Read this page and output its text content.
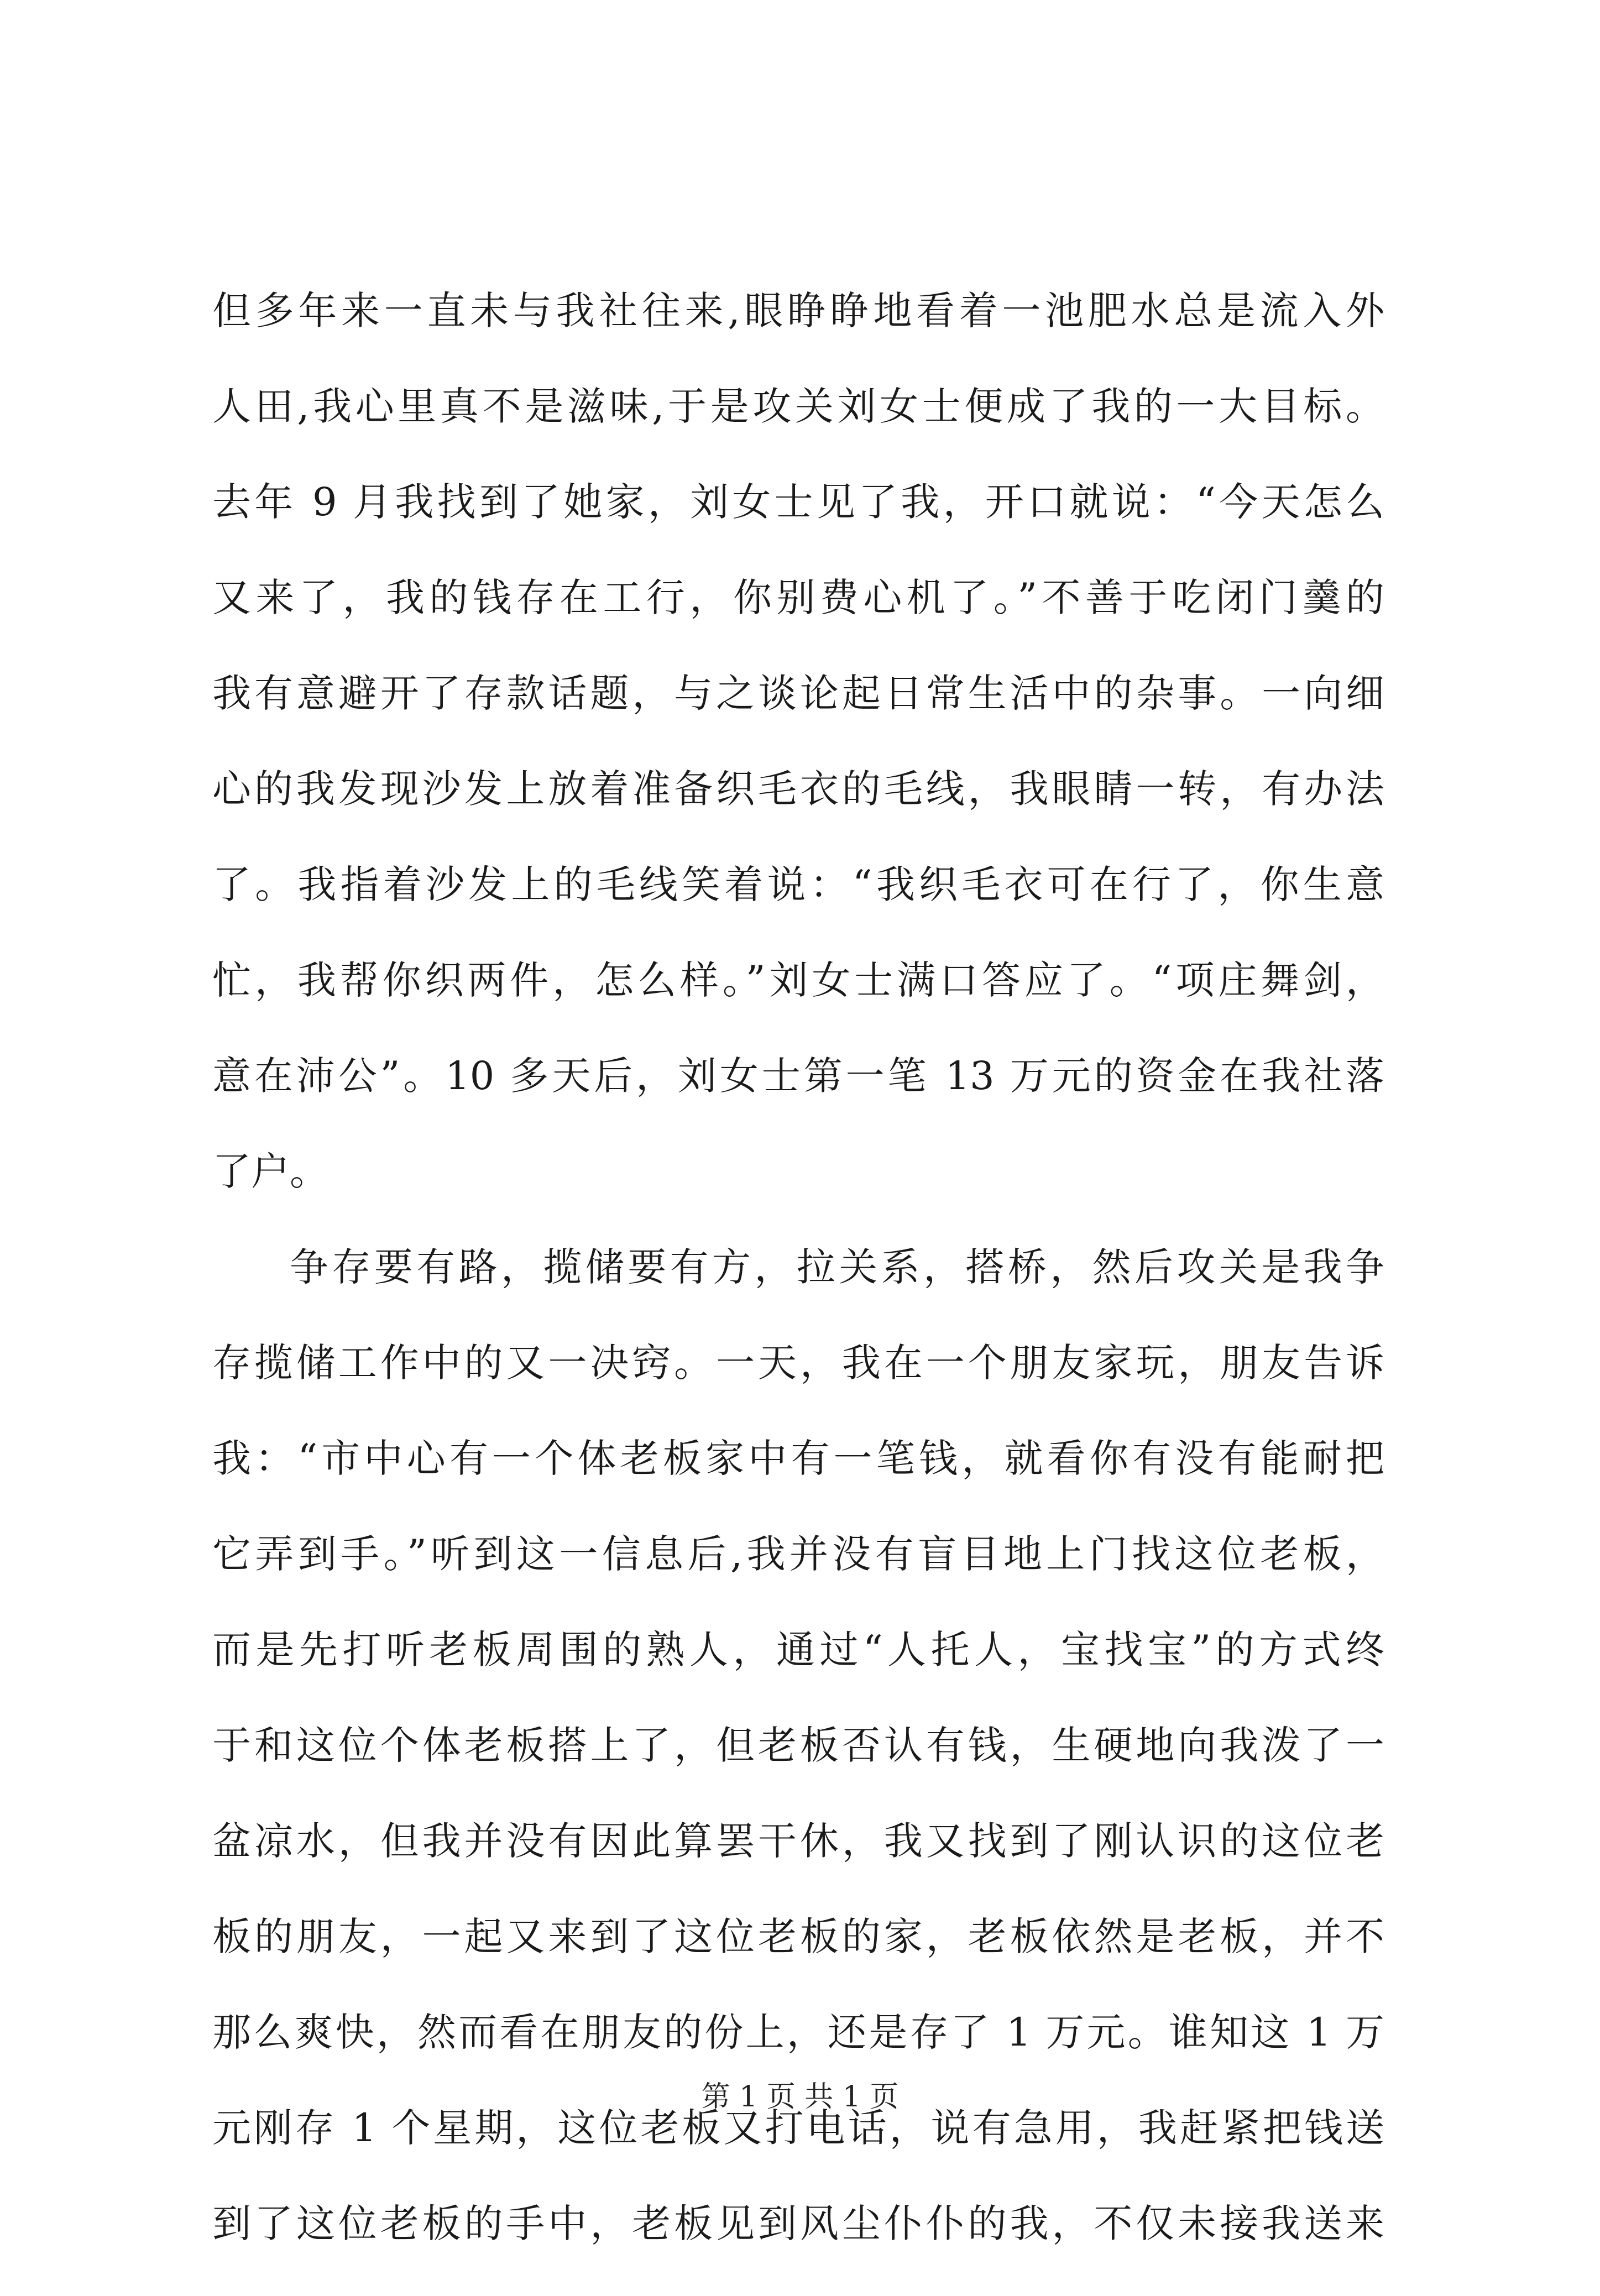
但多年来一直未与我社往来,眼睁睁地看着一池肥水总是流入外
人田,我心里真不是滋味,于是攻关刘女士便成了我的一大目标。
去年 9 月我找到了她家，刘女士见了我，开口就说：“今天怎么
又来了，我的钱存在工行，你别费心机了。”不善于吃闭门羹的
我有意避开了存款话题，与之谈论起日常生活中的杂事。一向细
心的我发现沙发上放着准备织毛衣的毛线，我眼睛一转，有办法
了。我指着沙发上的毛线笑着说：“我织毛衣可在行了，你生意
忙，我帮你织两件，怎么样。”刘女士满口答应了。“项庄舞剑，
意在沛公”。10 多天后，刘女士第一笔 13 万元的资金在我社落
了户。
争存要有路，揽储要有方，拉关系，搭桥，然后攻关是我争
存揽储工作中的又一决窍。一天，我在一个朋友家玩，朋友告诉
我：“市中心有一个体老板家中有一笔钱，就看你有没有能耐把
它弄到手。”听到这一信息后,我并没有盲目地上门找这位老板，
而是先打听老板周围的熟人，通过“人托人，宝找宝”的方式终
于和这位个体老板搭上了，但老板否认有钱，生硬地向我泼了一
盆凉水，但我并没有因此算罢干休，我又找到了刚认识的这位老
板的朋友，一起又来到了这位老板的家，老板依然是老板，并不
那么爽快，然而看在朋友的份上，还是存了 1 万元。谁知这 1 万
元刚存 1 个星期，这位老板又打电话，说有急用，我赶紧把钱送
到了这位老板的手中，老板见到风尘仆仆的我，不仅未接我送来
第 1 页 共 1 页
